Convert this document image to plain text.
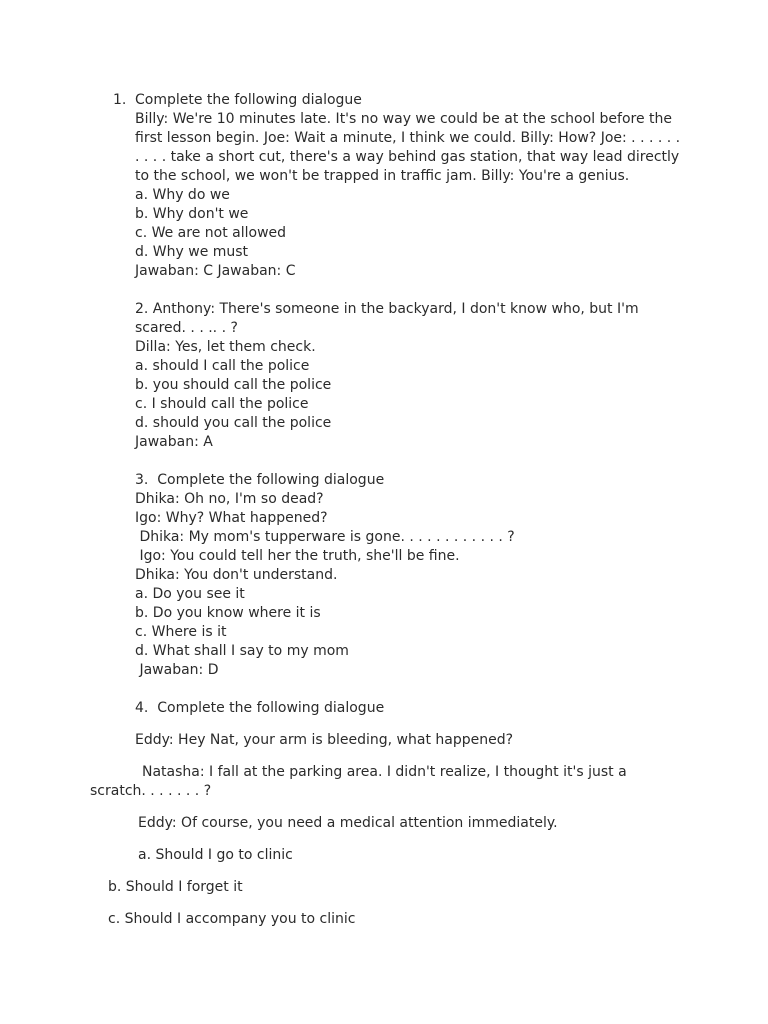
1. Complete the following dialogue
Billy: We're 10 minutes late. It's no way we could be at the school before the
first lesson begin. Joe: Wait a minute, I think we could. Billy: How? Joe: . . . . . .
. . . . take a short cut, there's a way behind gas station, that way lead directly
to the school, we won't be trapped in traffic jam. Billy: You're a genius.
a. Why do we
b. Why don't we
c. We are not allowed
d. Why we must
Jawaban: C Jawaban: C
2. Anthony: There's someone in the backyard, I don't know who, but I'm
scared. . . .. . ?
Dilla: Yes, let them check.
a. should I call the police
b. you should call the police
c. I should call the police
d. should you call the police
Jawaban: A
3.  Complete the following dialogue
Dhika: Oh no, I'm so dead?
Igo: Why? What happened?
Dhika: My mom's tupperware is gone. . . . . . . . . . . . ?
Igo: You could tell her the truth, she'll be fine.
Dhika: You don't understand.
a. Do you see it
b. Do you know where it is
c. Where is it
d. What shall I say to my mom
Jawaban: D
4.  Complete the following dialogue
Eddy: Hey Nat, your arm is bleeding, what happened?
Natasha: I fall at the parking area. I didn't realize, I thought it's just a
scratch. . . . . . . ?
Eddy: Of course, you need a medical attention immediately.
a. Should I go to clinic
b. Should I forget it
c. Should I accompany you to clinic
